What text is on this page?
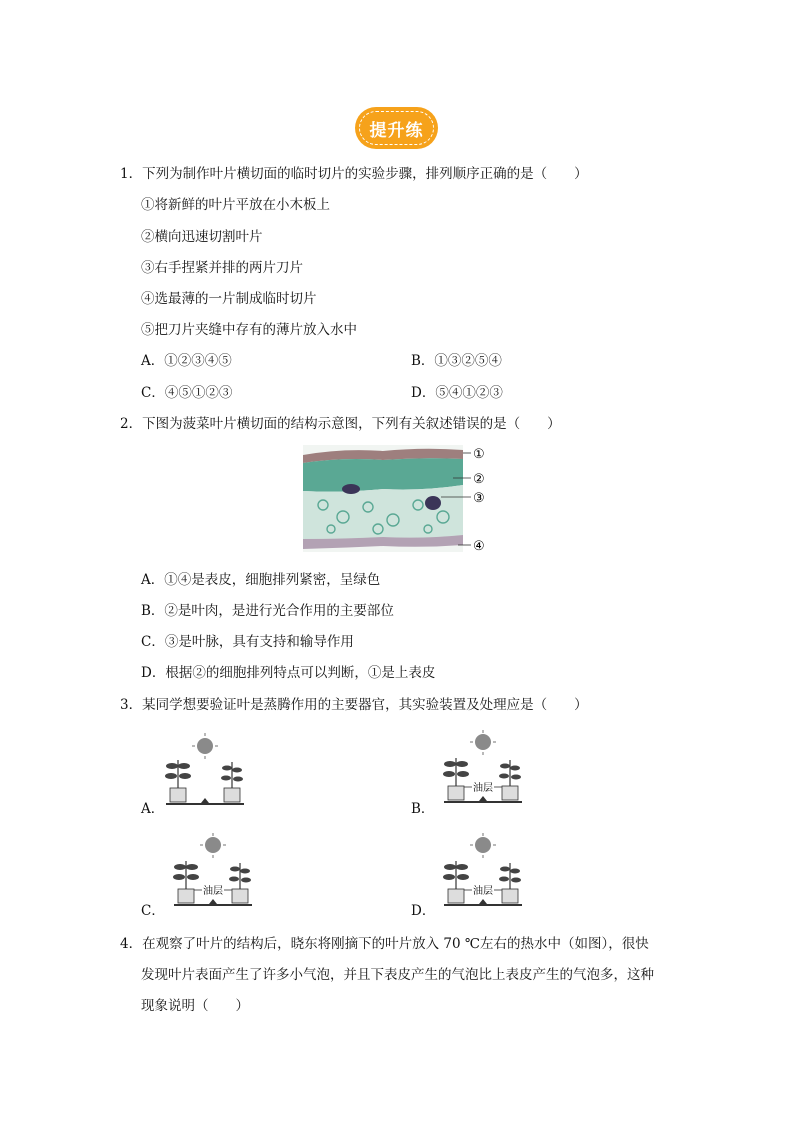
提升练
1．下列为制作叶片横切面的临时切片的实验步骤，排列顺序正确的是（　　）
①将新鲜的叶片平放在小木板上
②横向迅速切割叶片
③右手捏紧并排的两片刀片
④选最薄的一片制成临时切片
⑤把刀片夹缝中存有的薄片放入水中
A．①②③④⑤	B．①③②⑤④
C．④⑤①②③	D．⑤④①②③
2．下图为菠菜叶片横切面的结构示意图，下列有关叙述错误的是（　　）
①
②
③
④
A．①④是表皮，细胞排列紧密，呈绿色
B．②是叶肉，是进行光合作用的主要部位
C．③是叶脉，具有支持和输导作用
D．根据②的细胞排列特点可以判断，①是上表皮
3．某同学想要验证叶是蒸腾作用的主要器官，其实验装置及处理应是（　　）
A．	B．
C．	D．
油层
油层	油层
4．在观察了叶片的结构后，晓东将刚摘下的叶片放入 70 ℃左右的热水中（如图），很快
发现叶片表面产生了许多小气泡，并且下表皮产生的气泡比上表皮产生的气泡多，这种
现象说明（　　）
